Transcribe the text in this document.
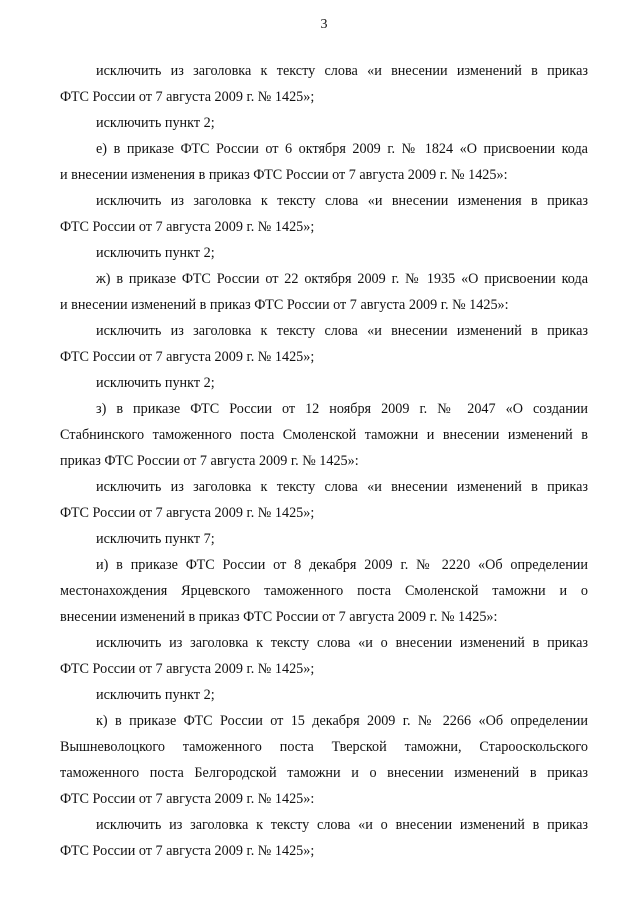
3

исключить из заголовка к тексту слова «и внесении изменений в приказ
ФТС России от 7 августа 2009 г. № 1425»;

исключить пункт 2;

е) в приказе ФТС России от 6 октября 2009 г. № 1824 «О присвоении кода
и внесении изменения в приказ ФТС России от 7 августа 2009 г. № 1425»:

исключить из заголовка к тексту слова «и внесении изменения в приказ
ФТС России от 7 августа 2009 г. № 1425»;

исключить пункт 2;

ж) в приказе ФТС России от 22 октября 2009 г. № 1935 «О присвоении кода
и внесении изменений в приказ ФТС России от 7 августа 2009 г. № 1425»:

исключить из заголовка к тексту слова «и внесении изменений в приказ
ФТС России от 7 августа 2009 г. № 1425»;

исключить пункт 2;

з) в приказе ФТС России от 12 ноября 2009 г. № 2047 «О создании
Стабнинского таможенного поста Смоленской таможни и внесении изменений в
приказ ФТС России от 7 августа 2009 г. № 1425»:

исключить из заголовка к тексту слова «и внесении изменений в приказ
ФТС России от 7 августа 2009 г. № 1425»;

исключить пункт 7;

и) в приказе ФТС России от 8 декабря 2009 г. № 2220 «Об определении
местонахождения Ярцевского таможенного поста Смоленской таможни и о
внесении изменений в приказ ФТС России от 7 августа 2009 г. № 1425»:

исключить из заголовка к тексту слова «и о внесении изменений в приказ
ФТС России от 7 августа 2009 г. № 1425»;

исключить пункт 2;

к) в приказе ФТС России от 15 декабря 2009 г. № 2266 «Об определении
Вышневолоцкого таможенного поста Тверской таможни, Старооскольского
таможенного поста Белгородской таможни и о внесении изменений в приказ
ФТС России от 7 августа 2009 г. № 1425»:

исключить из заголовка к тексту слова «и о внесении изменений в приказ
ФТС России от 7 августа 2009 г. № 1425»;
